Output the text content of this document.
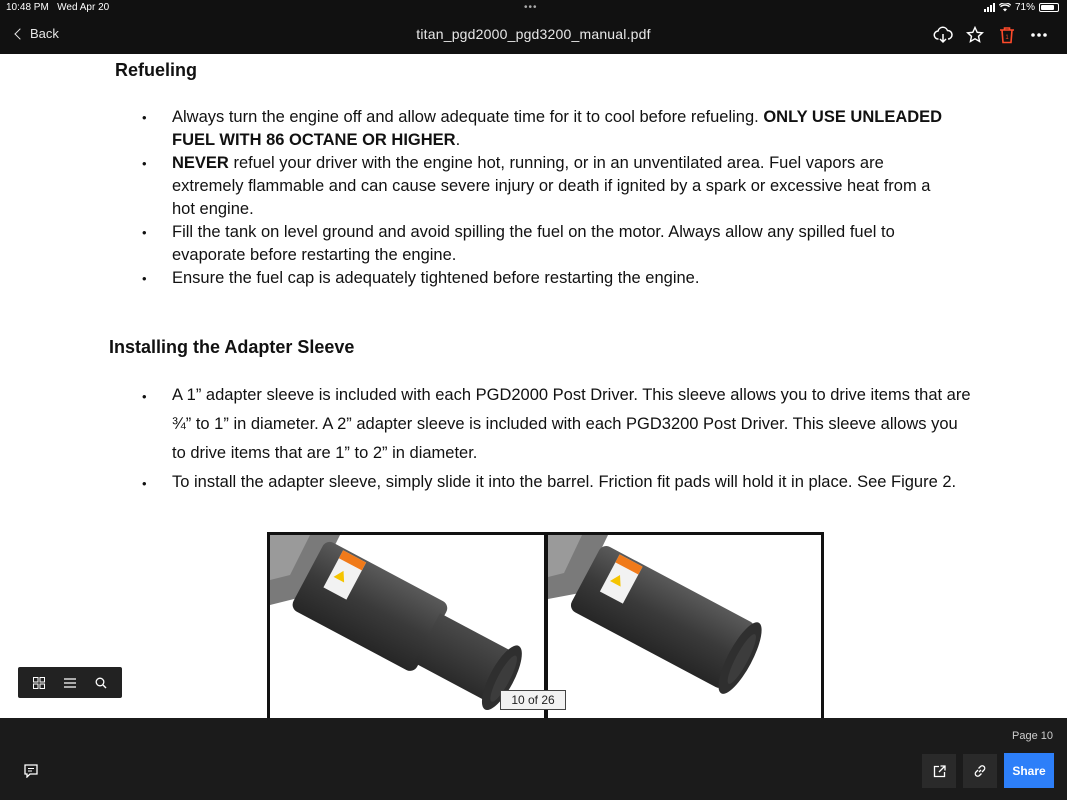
10:48 PM Wed Apr 20	•••	71%
Back	titan_pgd2000_pgd3200_manual.pdf	1
Refueling
• Always turn the engine off and allow adequate time for it to cool before refueling. ONLY USE UNLEADED FUEL WITH 86 OCTANE OR HIGHER.
• NEVER refuel your driver with the engine hot, running, or in an unventilated area. Fuel vapors are extremely flammable and can cause severe injury or death if ignited by a spark or excessive heat from a hot engine.
• Fill the tank on level ground and avoid spilling the fuel on the motor. Always allow any spilled fuel to evaporate before restarting the engine.
• Ensure the fuel cap is adequately tightened before restarting the engine.
Installing the Adapter Sleeve
• A 1” adapter sleeve is included with each PGD2000 Post Driver. This sleeve allows you to drive items that are ¾” to 1” in diameter. A 2” adapter sleeve is included with each PGD3200 Post Driver. This sleeve allows you to drive items that are 1” to 2” in diameter.
• To install the adapter sleeve, simply slide it into the barrel. Friction fit pads will hold it in place. See Figure 2.
10 of 26
Page 10
Share
